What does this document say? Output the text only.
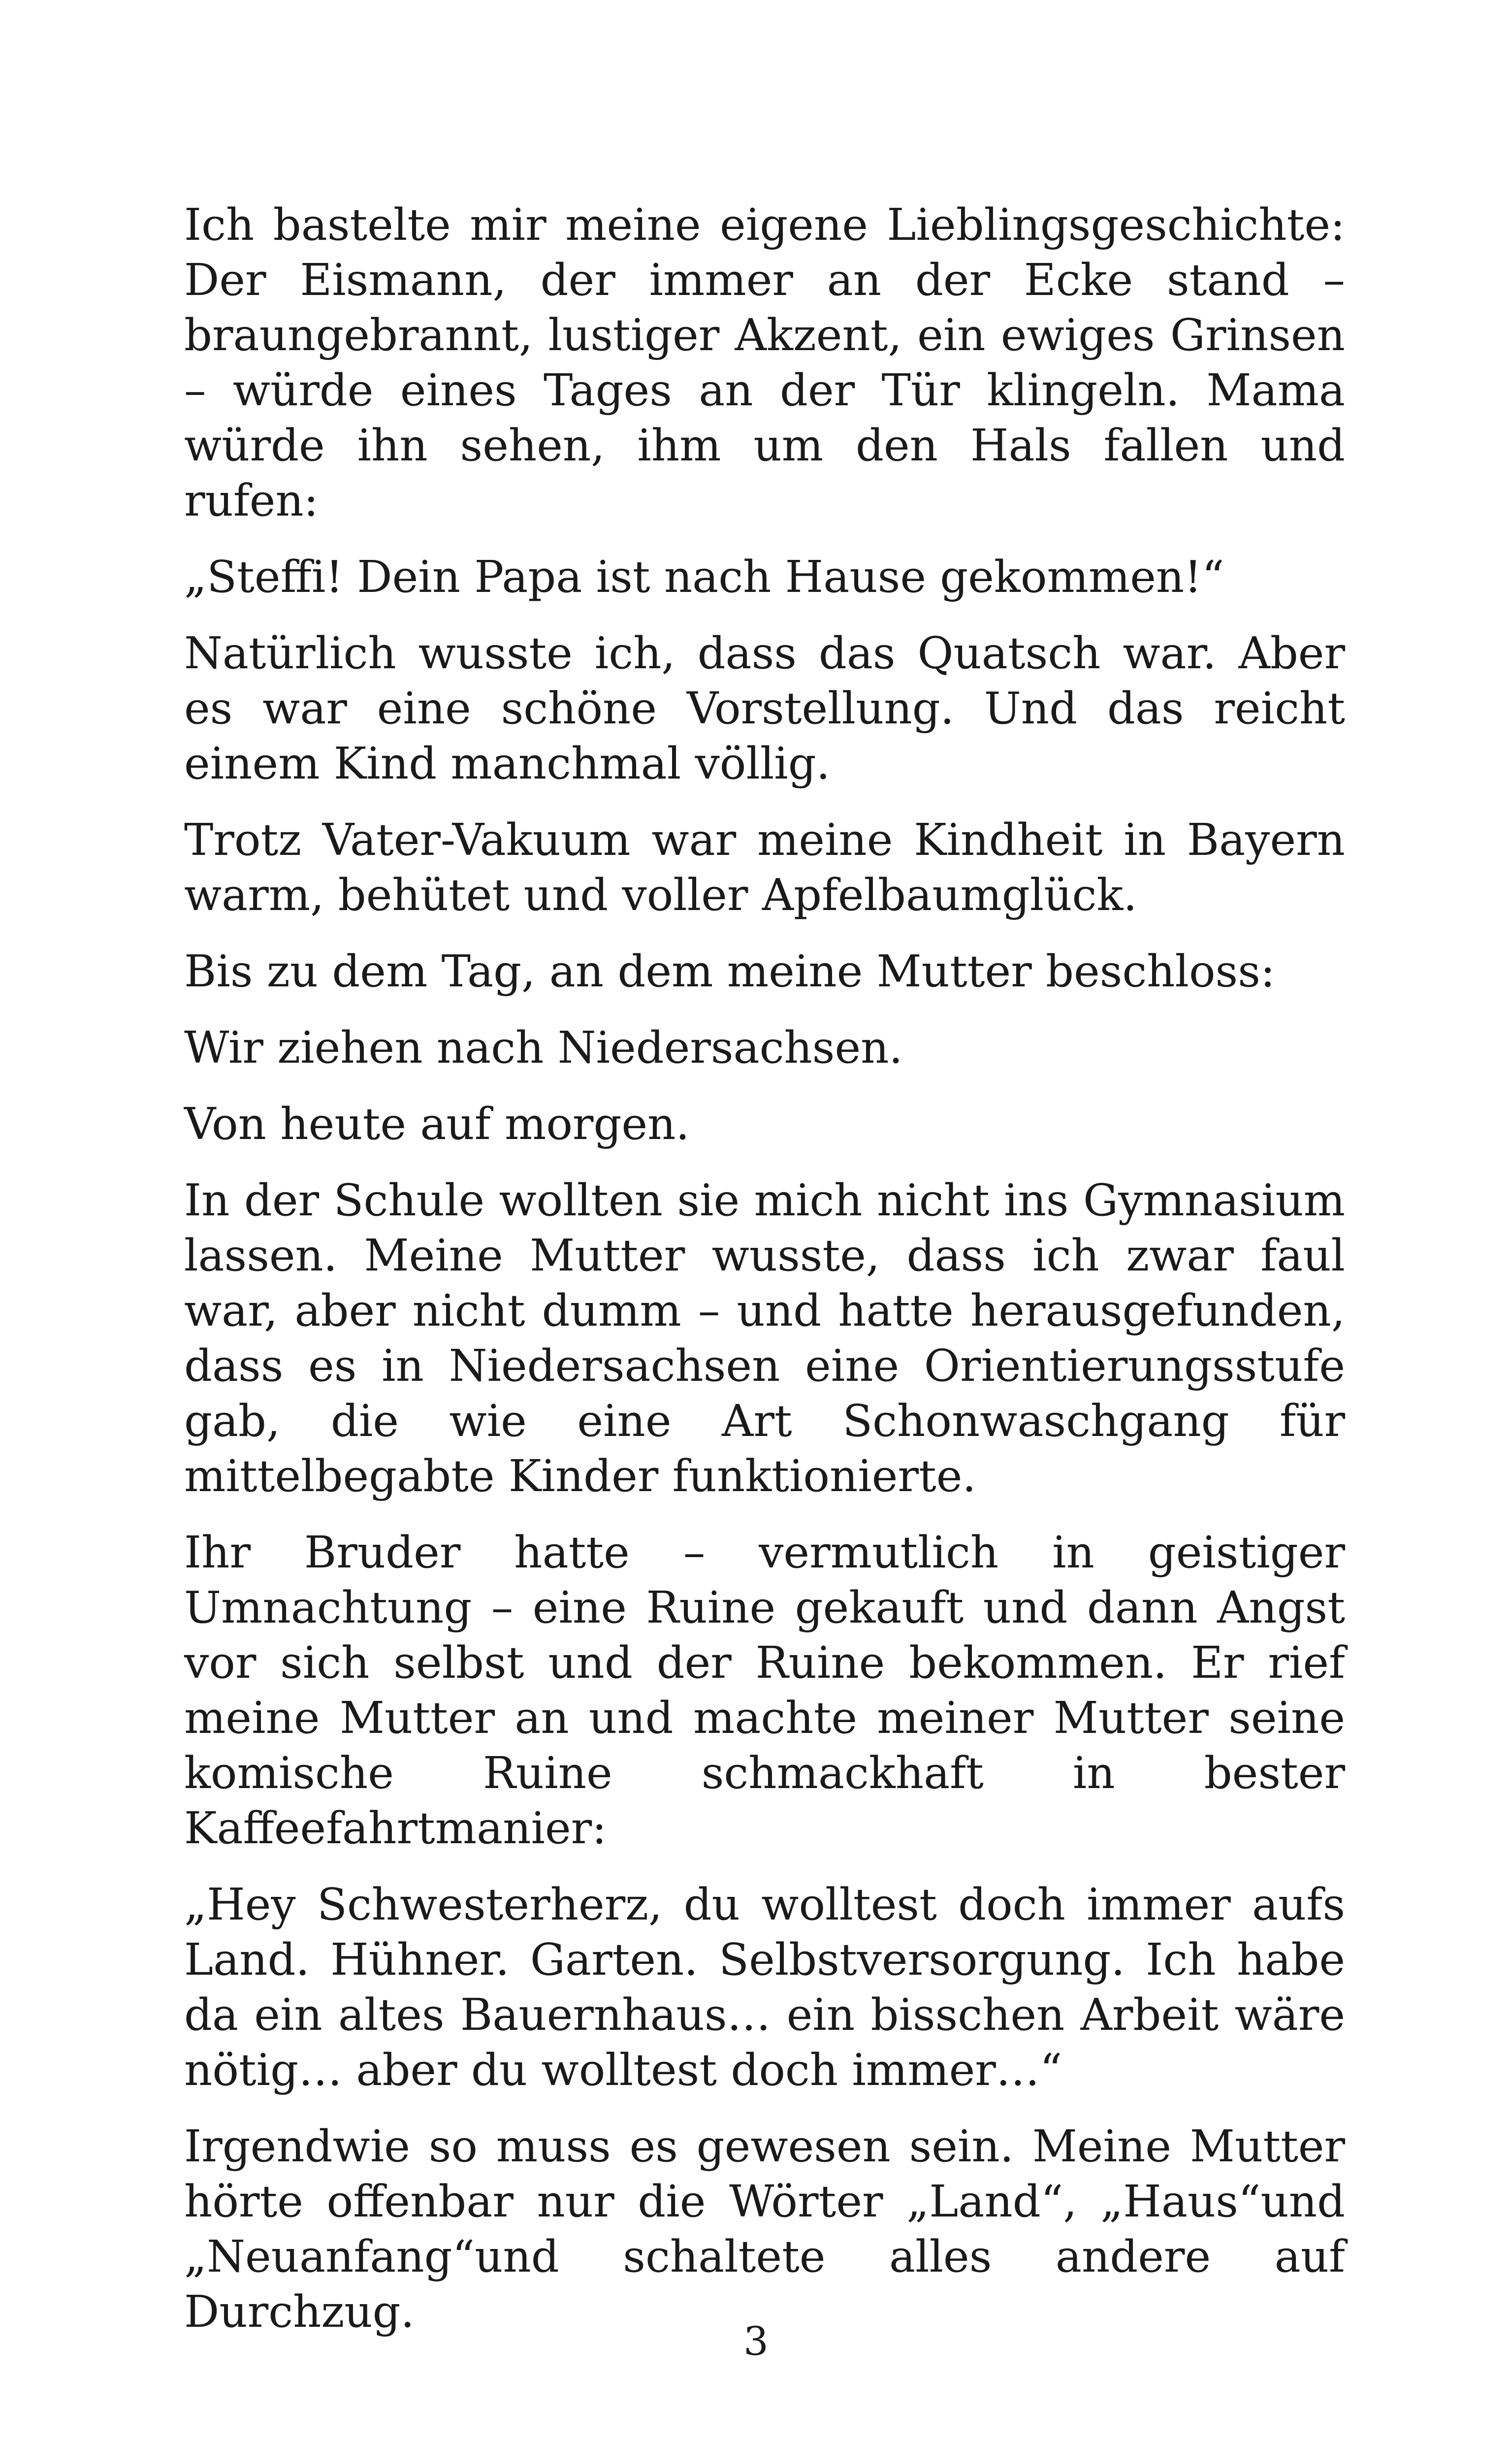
Ich bastelte mir meine eigene Lieblingsgeschichte: Der Eismann, der immer an der Ecke stand – braungebrannt, lustiger Akzent, ein ewiges Grinsen – würde eines Tages an der Tür klingeln. Mama würde ihn sehen, ihm um den Hals fallen und rufen:

„Steffi! Dein Papa ist nach Hause gekommen!“

Natürlich wusste ich, dass das Quatsch war. Aber es war eine schöne Vorstellung. Und das reicht einem Kind manchmal völlig.

Trotz Vater-Vakuum war meine Kindheit in Bayern warm, behütet und voller Apfelbaumglück.

Bis zu dem Tag, an dem meine Mutter beschloss:

Wir ziehen nach Niedersachsen.

Von heute auf morgen.

In der Schule wollten sie mich nicht ins Gymnasium lassen. Meine Mutter wusste, dass ich zwar faul war, aber nicht dumm – und hatte herausgefunden, dass es in Niedersachsen eine Orientierungsstufe gab, die wie eine Art Schonwaschgang für mittelbegabte Kinder funktionierte.

Ihr Bruder hatte – vermutlich in geistiger Umnachtung – eine Ruine gekauft und dann Angst vor sich selbst und der Ruine bekommen. Er rief meine Mutter an und machte meiner Mutter seine komische Ruine schmackhaft in bester Kaffeefahrtmanier:

„Hey Schwesterherz, du wolltest doch immer aufs Land. Hühner. Garten. Selbstversorgung. Ich habe da ein altes Bauernhaus… ein bisschen Arbeit wäre nötig… aber du wolltest doch immer…“

Irgendwie so muss es gewesen sein. Meine Mutter hörte offenbar nur die Wörter „Land“, „Haus“und „Neuanfang“und schaltete alles andere auf Durchzug.

3
